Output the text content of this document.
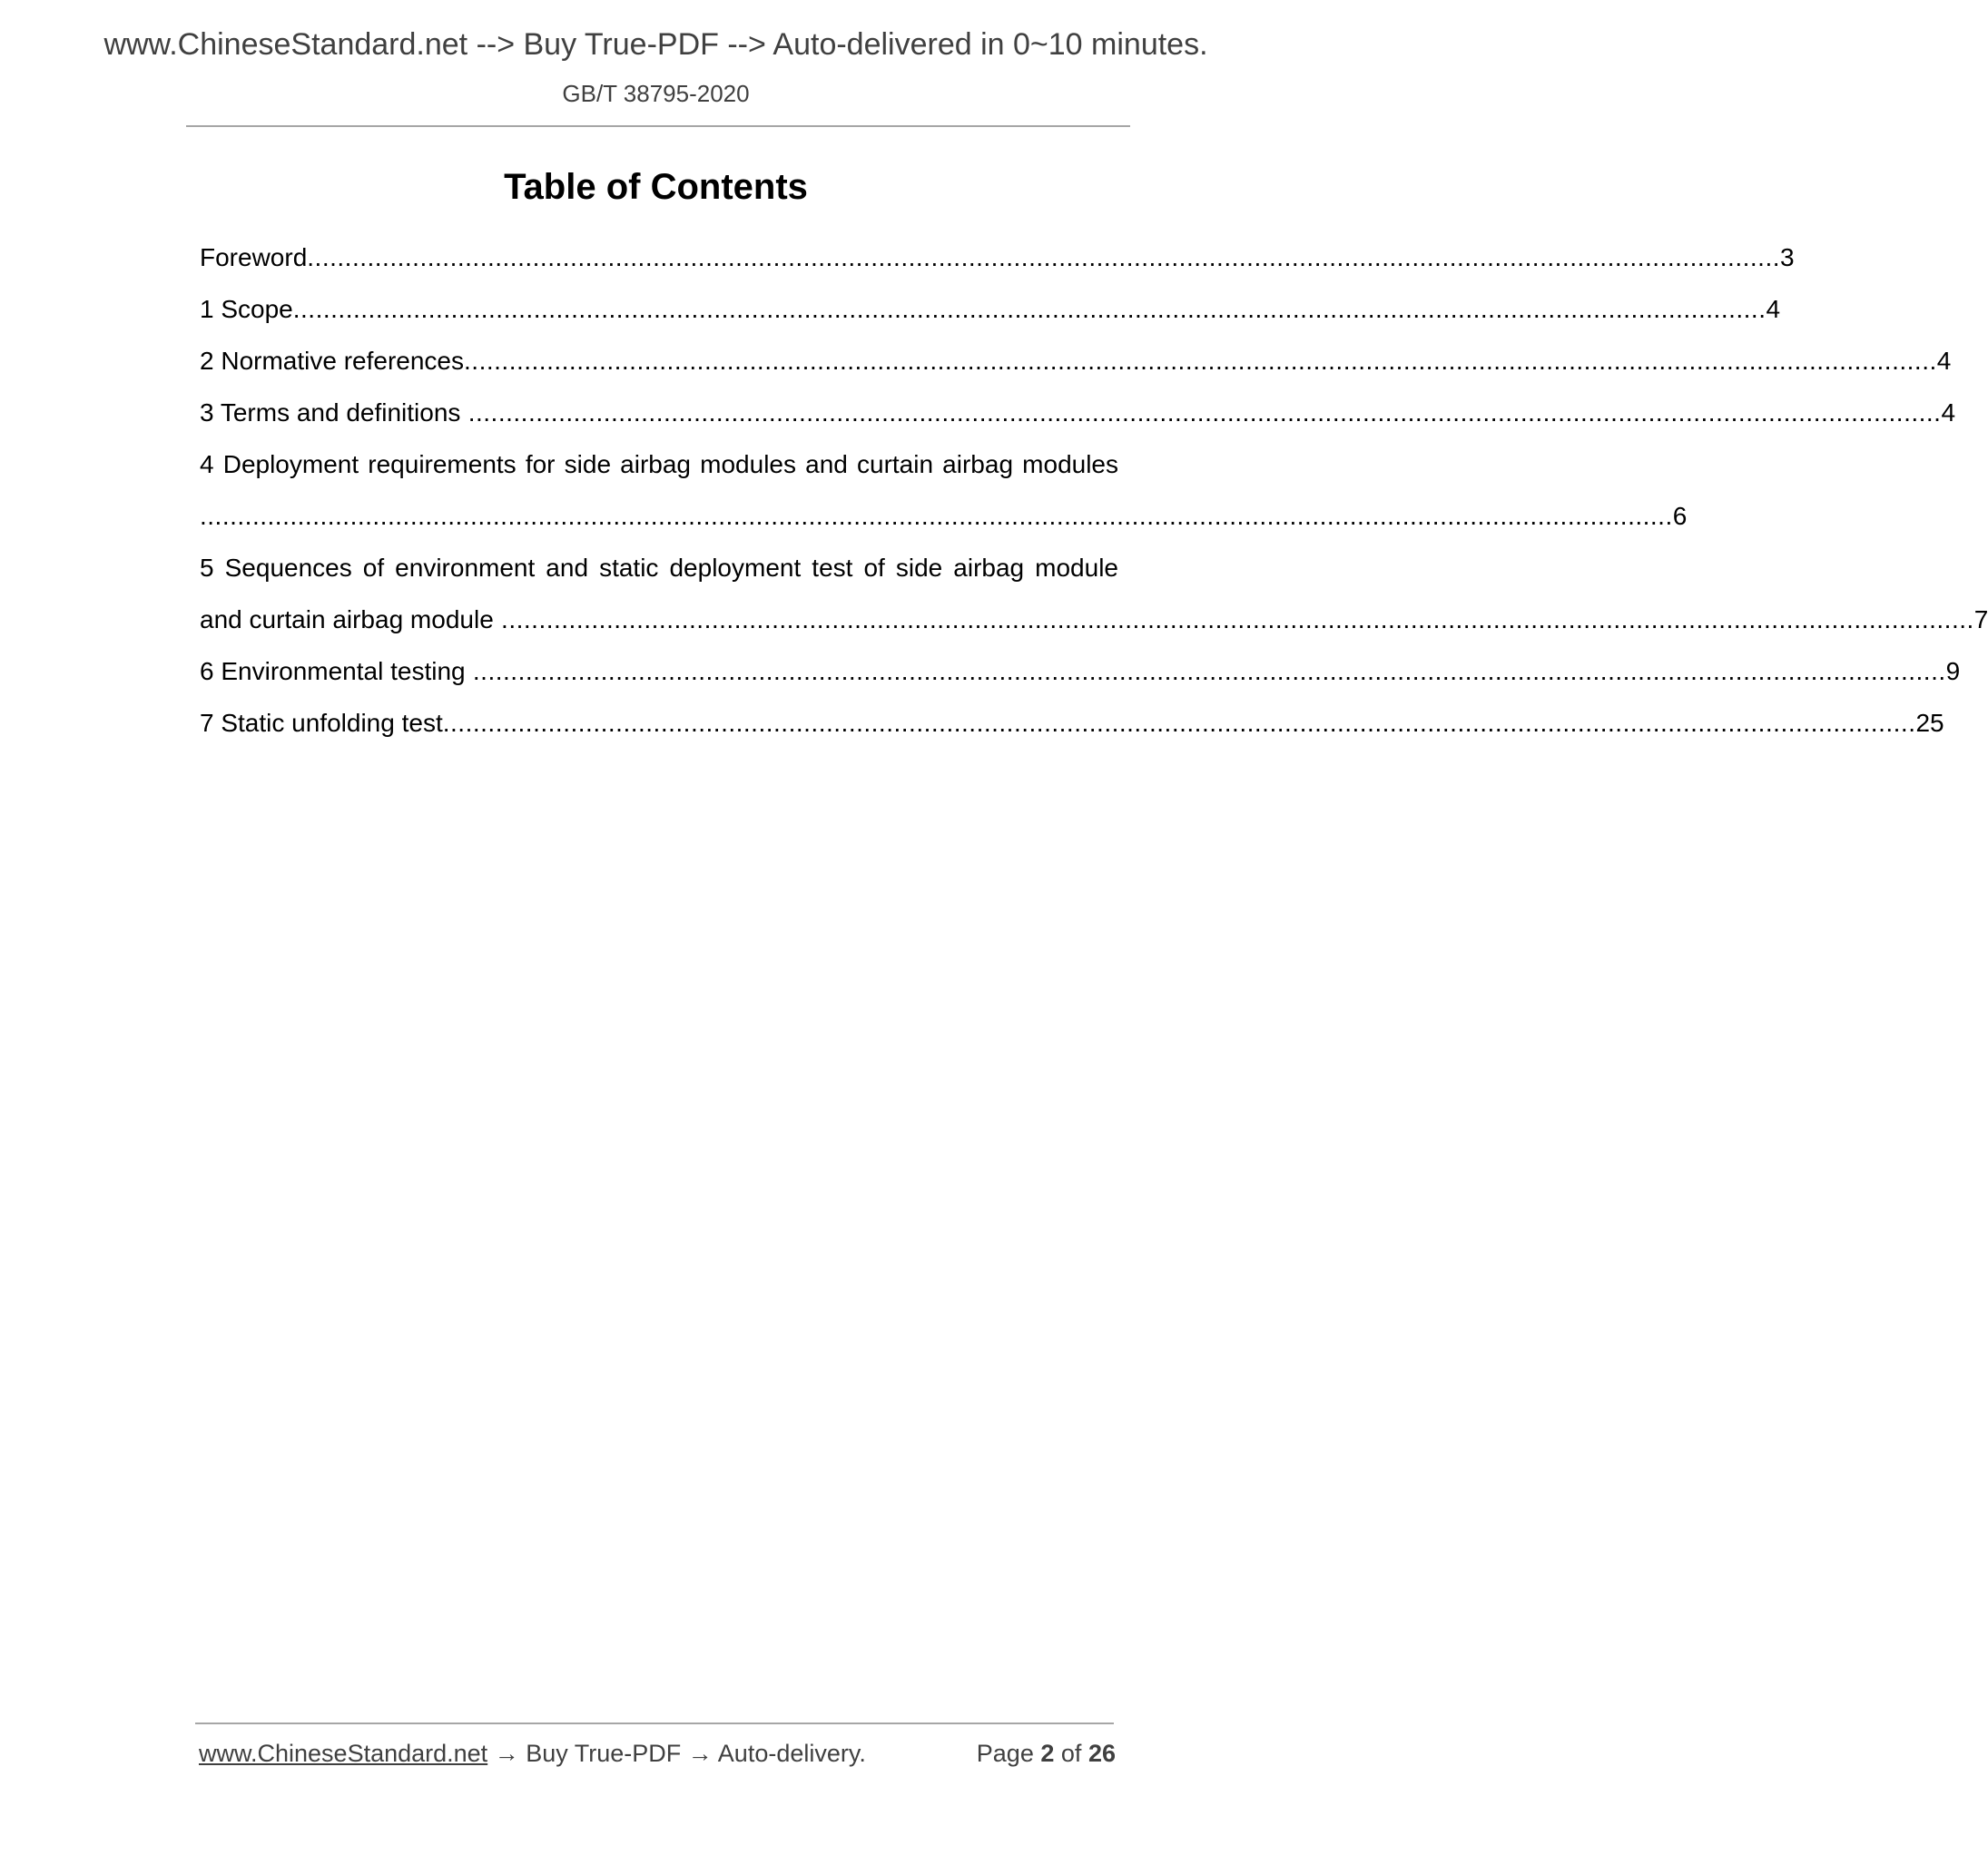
www.ChineseStandard.net --> Buy True-PDF --> Auto-delivered in 0~10 minutes.
GB/T 38795-2020
Table of Contents
Foreword .................................................................................................................................................................................................... 3
1 Scope .................................................................................................................................................................................................... 4
2 Normative references .................................................................................................................................................................................................... 4
3 Terms and definitions .................................................................................................................................................................................................... 4
4 Deployment requirements for side airbag modules and curtain airbag modules
.................................................................................................................................................................................................... 6
5 Sequences of environment and static deployment test of side airbag module
and curtain airbag module .................................................................................................................................................................................................... 7
6 Environmental testing .................................................................................................................................................................................................... 9
7 Static unfolding test .................................................................................................................................................................................................... 25
www.ChineseStandard.net → Buy True-PDF → Auto-delivery.	Page 2 of 26
